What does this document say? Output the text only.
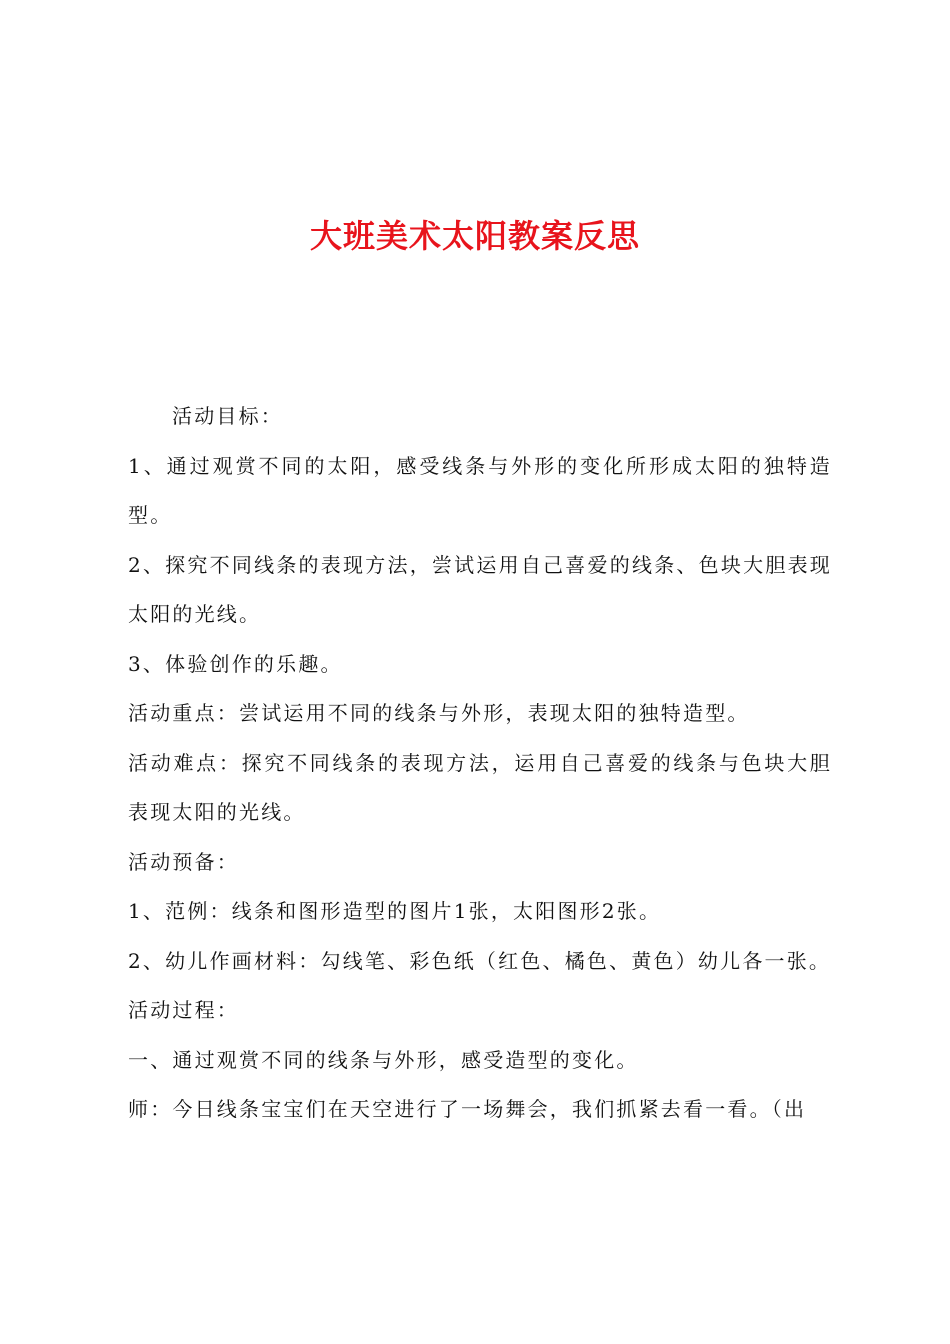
大班美术太阳教案反思

活动目标：

1、通过观赏不同的太阳，感受线条与外形的变化所形成太阳的独特造型。

2、探究不同线条的表现方法，尝试运用自己喜爱的线条、色块大胆表现太阳的光线。

3、体验创作的乐趣。

活动重点：尝试运用不同的线条与外形，表现太阳的独特造型。

活动难点：探究不同线条的表现方法，运用自己喜爱的线条与色块大胆表现太阳的光线。

活动预备：

1、范例：线条和图形造型的图片1张，太阳图形2张。

2、幼儿作画材料：勾线笔、彩色纸（红色、橘色、黄色）幼儿各一张。

活动过程：

一、通过观赏不同的线条与外形，感受造型的变化。

师：今日线条宝宝们在天空进行了一场舞会，我们抓紧去看一看。（出
